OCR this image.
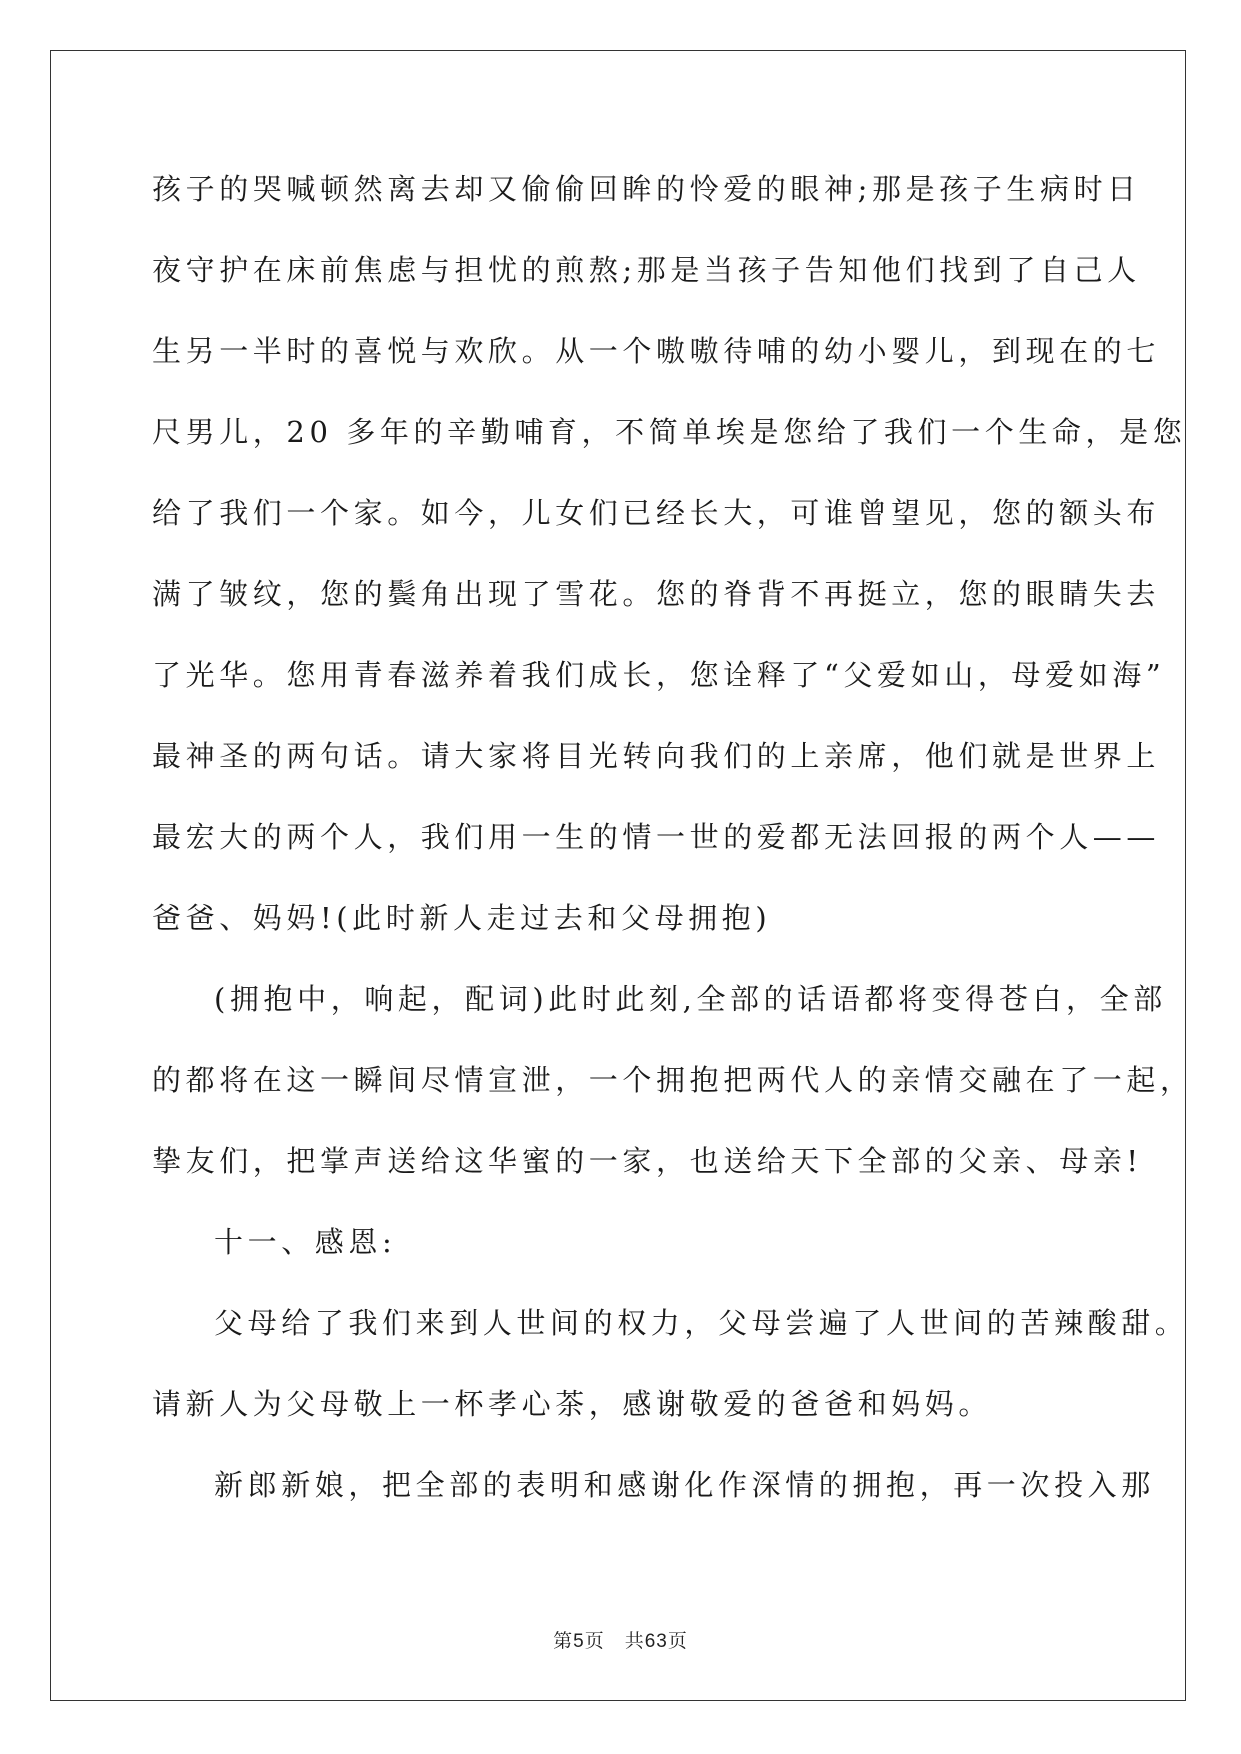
孩子的哭喊顿然离去却又偷偷回眸的怜爱的眼神;那是孩子生病时日
夜守护在床前焦虑与担忧的煎熬;那是当孩子告知他们找到了自己人
生另一半时的喜悦与欢欣。从一个嗷嗷待哺的幼小婴儿，到现在的七
尺男儿，20 多年的辛勤哺育，不简单埃是您给了我们一个生命，是您
给了我们一个家。如今，儿女们已经长大，可谁曾望见，您的额头布
满了皱纹，您的鬓角出现了雪花。您的脊背不再挺立，您的眼睛失去
了光华。您用青春滋养着我们成长，您诠释了“父爱如山，母爱如海”
最神圣的两句话。请大家将目光转向我们的上亲席，他们就是世界上
最宏大的两个人，我们用一生的情一世的爱都无法回报的两个人——
爸爸、妈妈!(此时新人走过去和父母拥抱)
(拥抱中，响起，配词)此时此刻,全部的话语都将变得苍白，全部
的都将在这一瞬间尽情宣泄，一个拥抱把两代人的亲情交融在了一起，
挚友们，把掌声送给这华蜜的一家，也送给天下全部的父亲、母亲!
十一、感恩:
父母给了我们来到人世间的权力，父母尝遍了人世间的苦辣酸甜。
请新人为父母敬上一杯孝心茶，感谢敬爱的爸爸和妈妈。
新郎新娘，把全部的表明和感谢化作深情的拥抱，再一次投入那
第5页 共63页
